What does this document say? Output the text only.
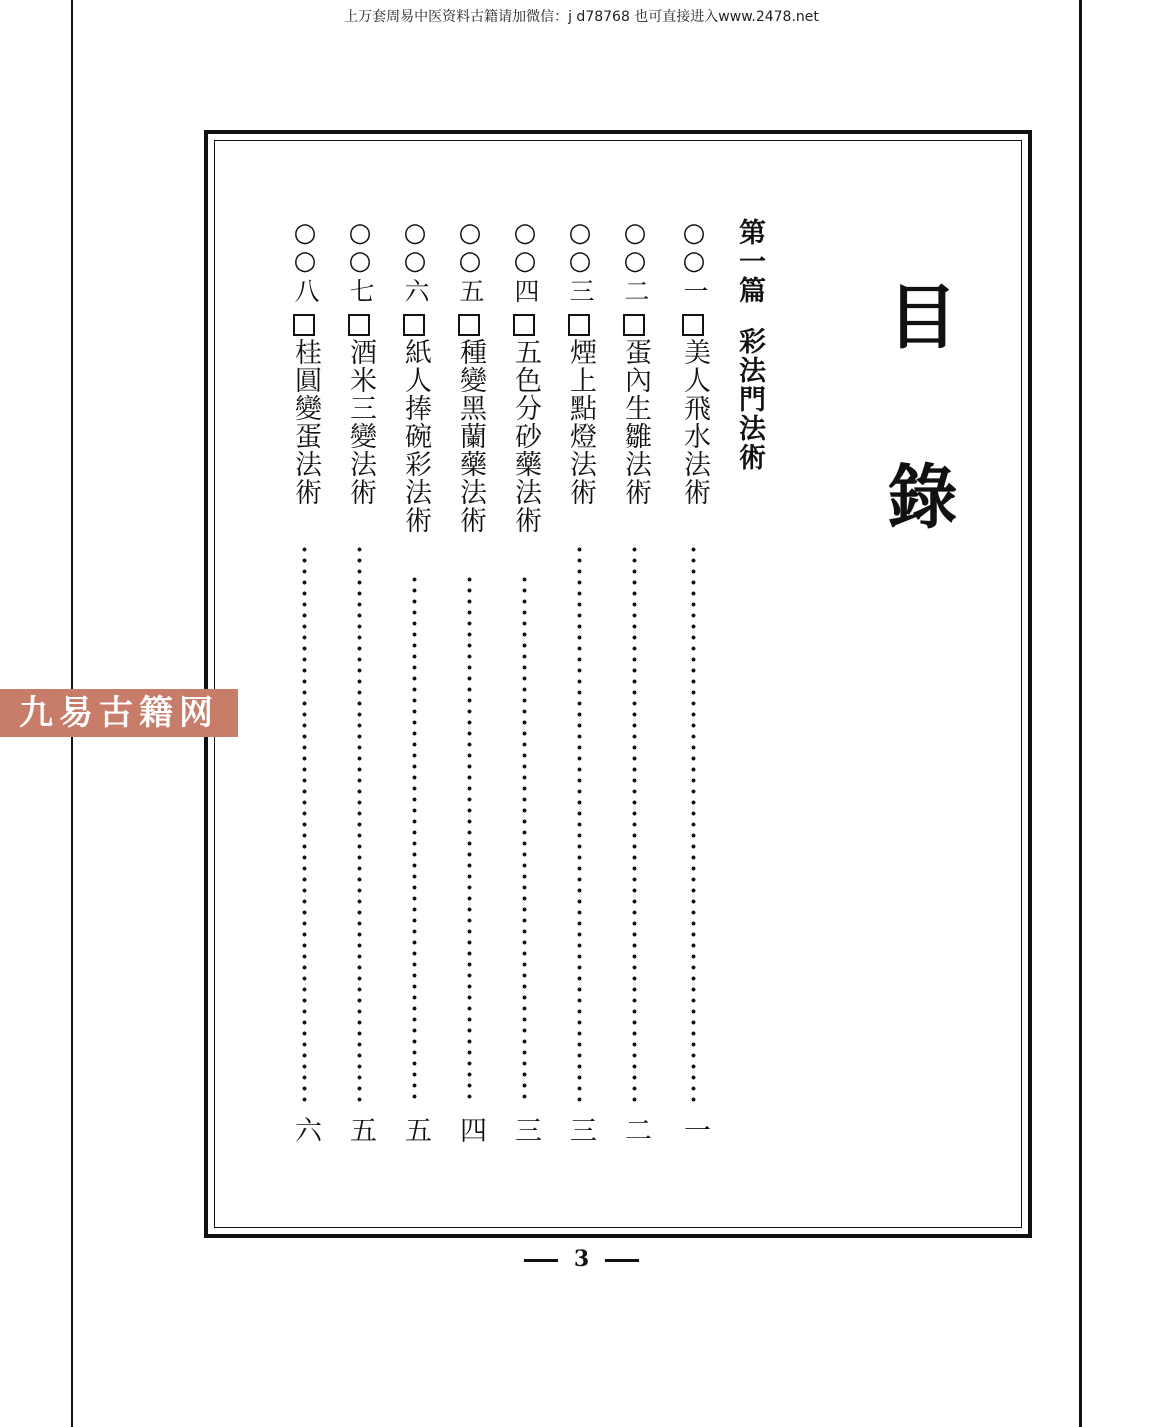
上万套周易中医资料古籍请加微信：j d78768 也可直接进入www.2478.net
目錄
第一篇彩法門法術
○○
一
美人飛水法術
一
○○
二
蛋內生雛法術
二
○○
三
煙上點燈法術
三
○○
四
五色分砂藥法術
三
○○
五
種變黑蘭藥法術
四
○○
六
紙人捧碗彩法術
五
○○
七
酒米三變法術
五
○○
八
桂圓變蛋法術
六
3
九易古籍网
